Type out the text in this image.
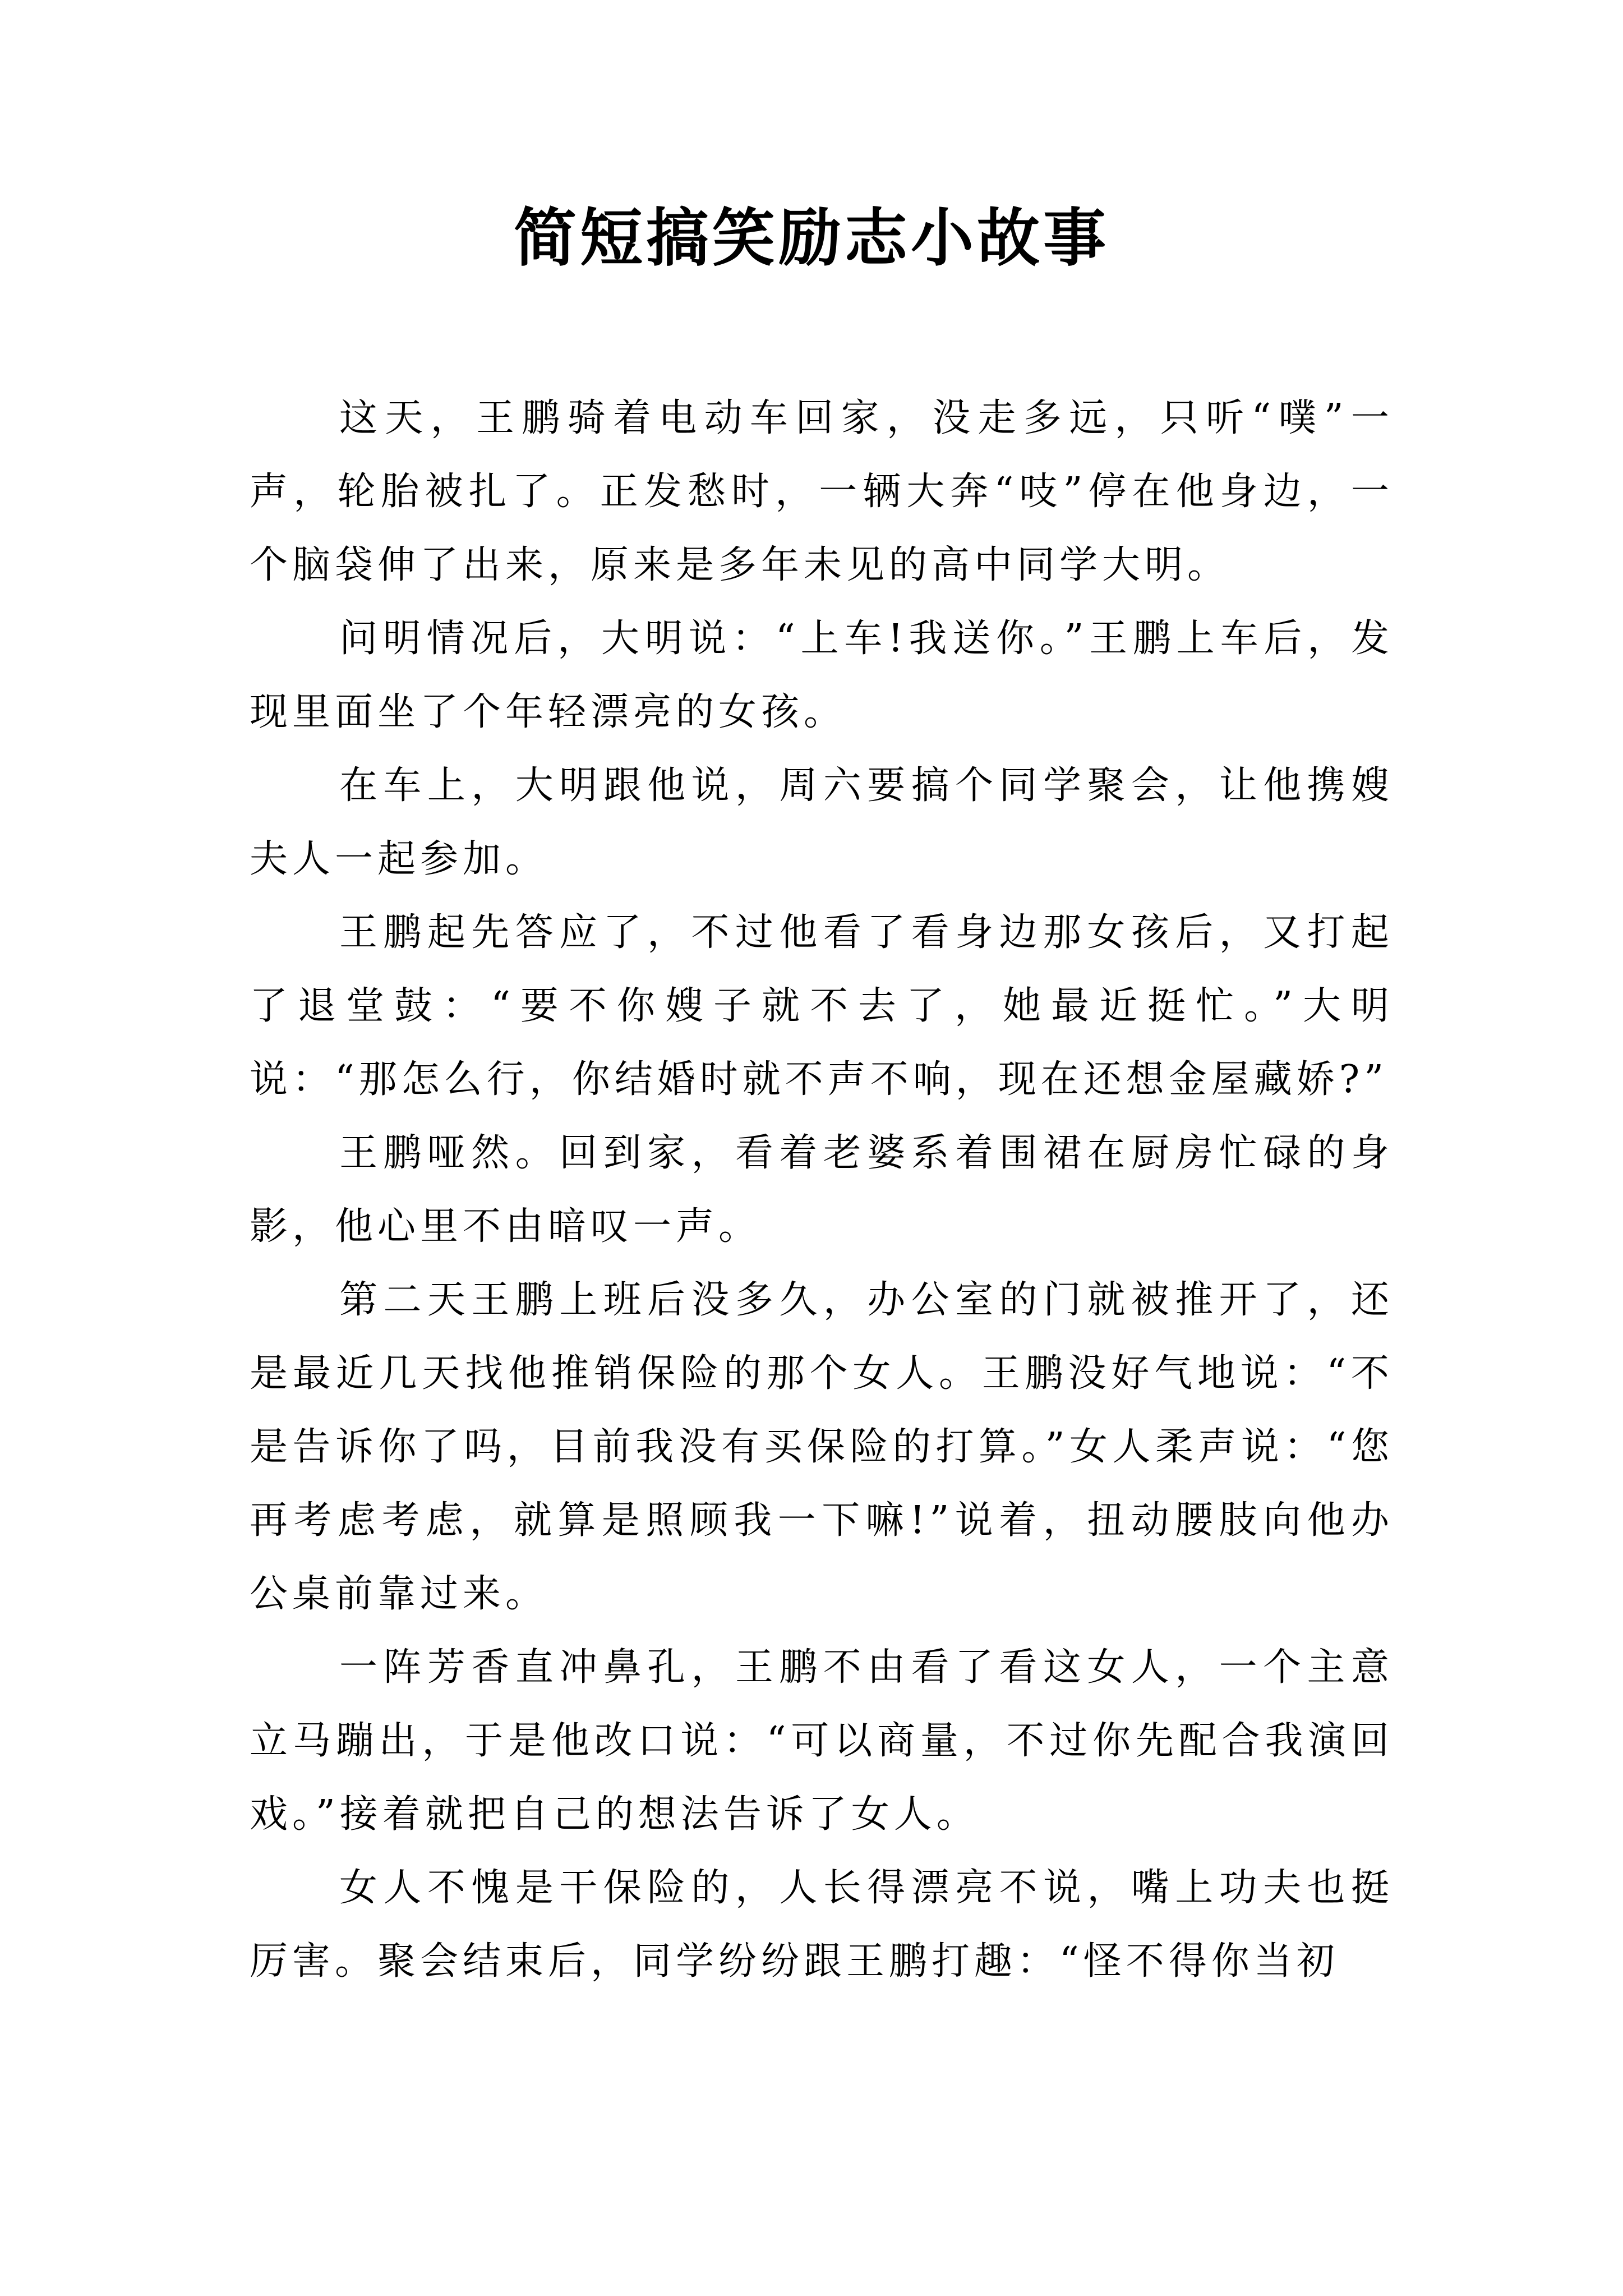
简短搞笑励志小故事

这天，王鹏骑着电动车回家，没走多远，只听“噗”一声，轮胎被扎了。正发愁时，一辆大奔“吱”停在他身边，一个脑袋伸了出来，原来是多年未见的高中同学大明。

问明情况后，大明说：“上车!我送你。”王鹏上车后，发现里面坐了个年轻漂亮的女孩。

在车上，大明跟他说，周六要搞个同学聚会，让他携嫂夫人一起参加。

王鹏起先答应了，不过他看了看身边那女孩后，又打起了退堂鼓：“要不你嫂子就不去了，她最近挺忙。”大明说：“那怎么行，你结婚时就不声不响，现在还想金屋藏娇?”

王鹏哑然。回到家，看着老婆系着围裙在厨房忙碌的身影，他心里不由暗叹一声。

第二天王鹏上班后没多久，办公室的门就被推开了，还是最近几天找他推销保险的那个女人。王鹏没好气地说：“不是告诉你了吗，目前我没有买保险的打算。”女人柔声说：“您再考虑考虑，就算是照顾我一下嘛!”说着，扭动腰肢向他办公桌前靠过来。

一阵芳香直冲鼻孔，王鹏不由看了看这女人，一个主意立马蹦出，于是他改口说：“可以商量，不过你先配合我演回戏。”接着就把自己的想法告诉了女人。

女人不愧是干保险的，人长得漂亮不说，嘴上功夫也挺厉害。聚会结束后，同学纷纷跟王鹏打趣：“怪不得你当初
